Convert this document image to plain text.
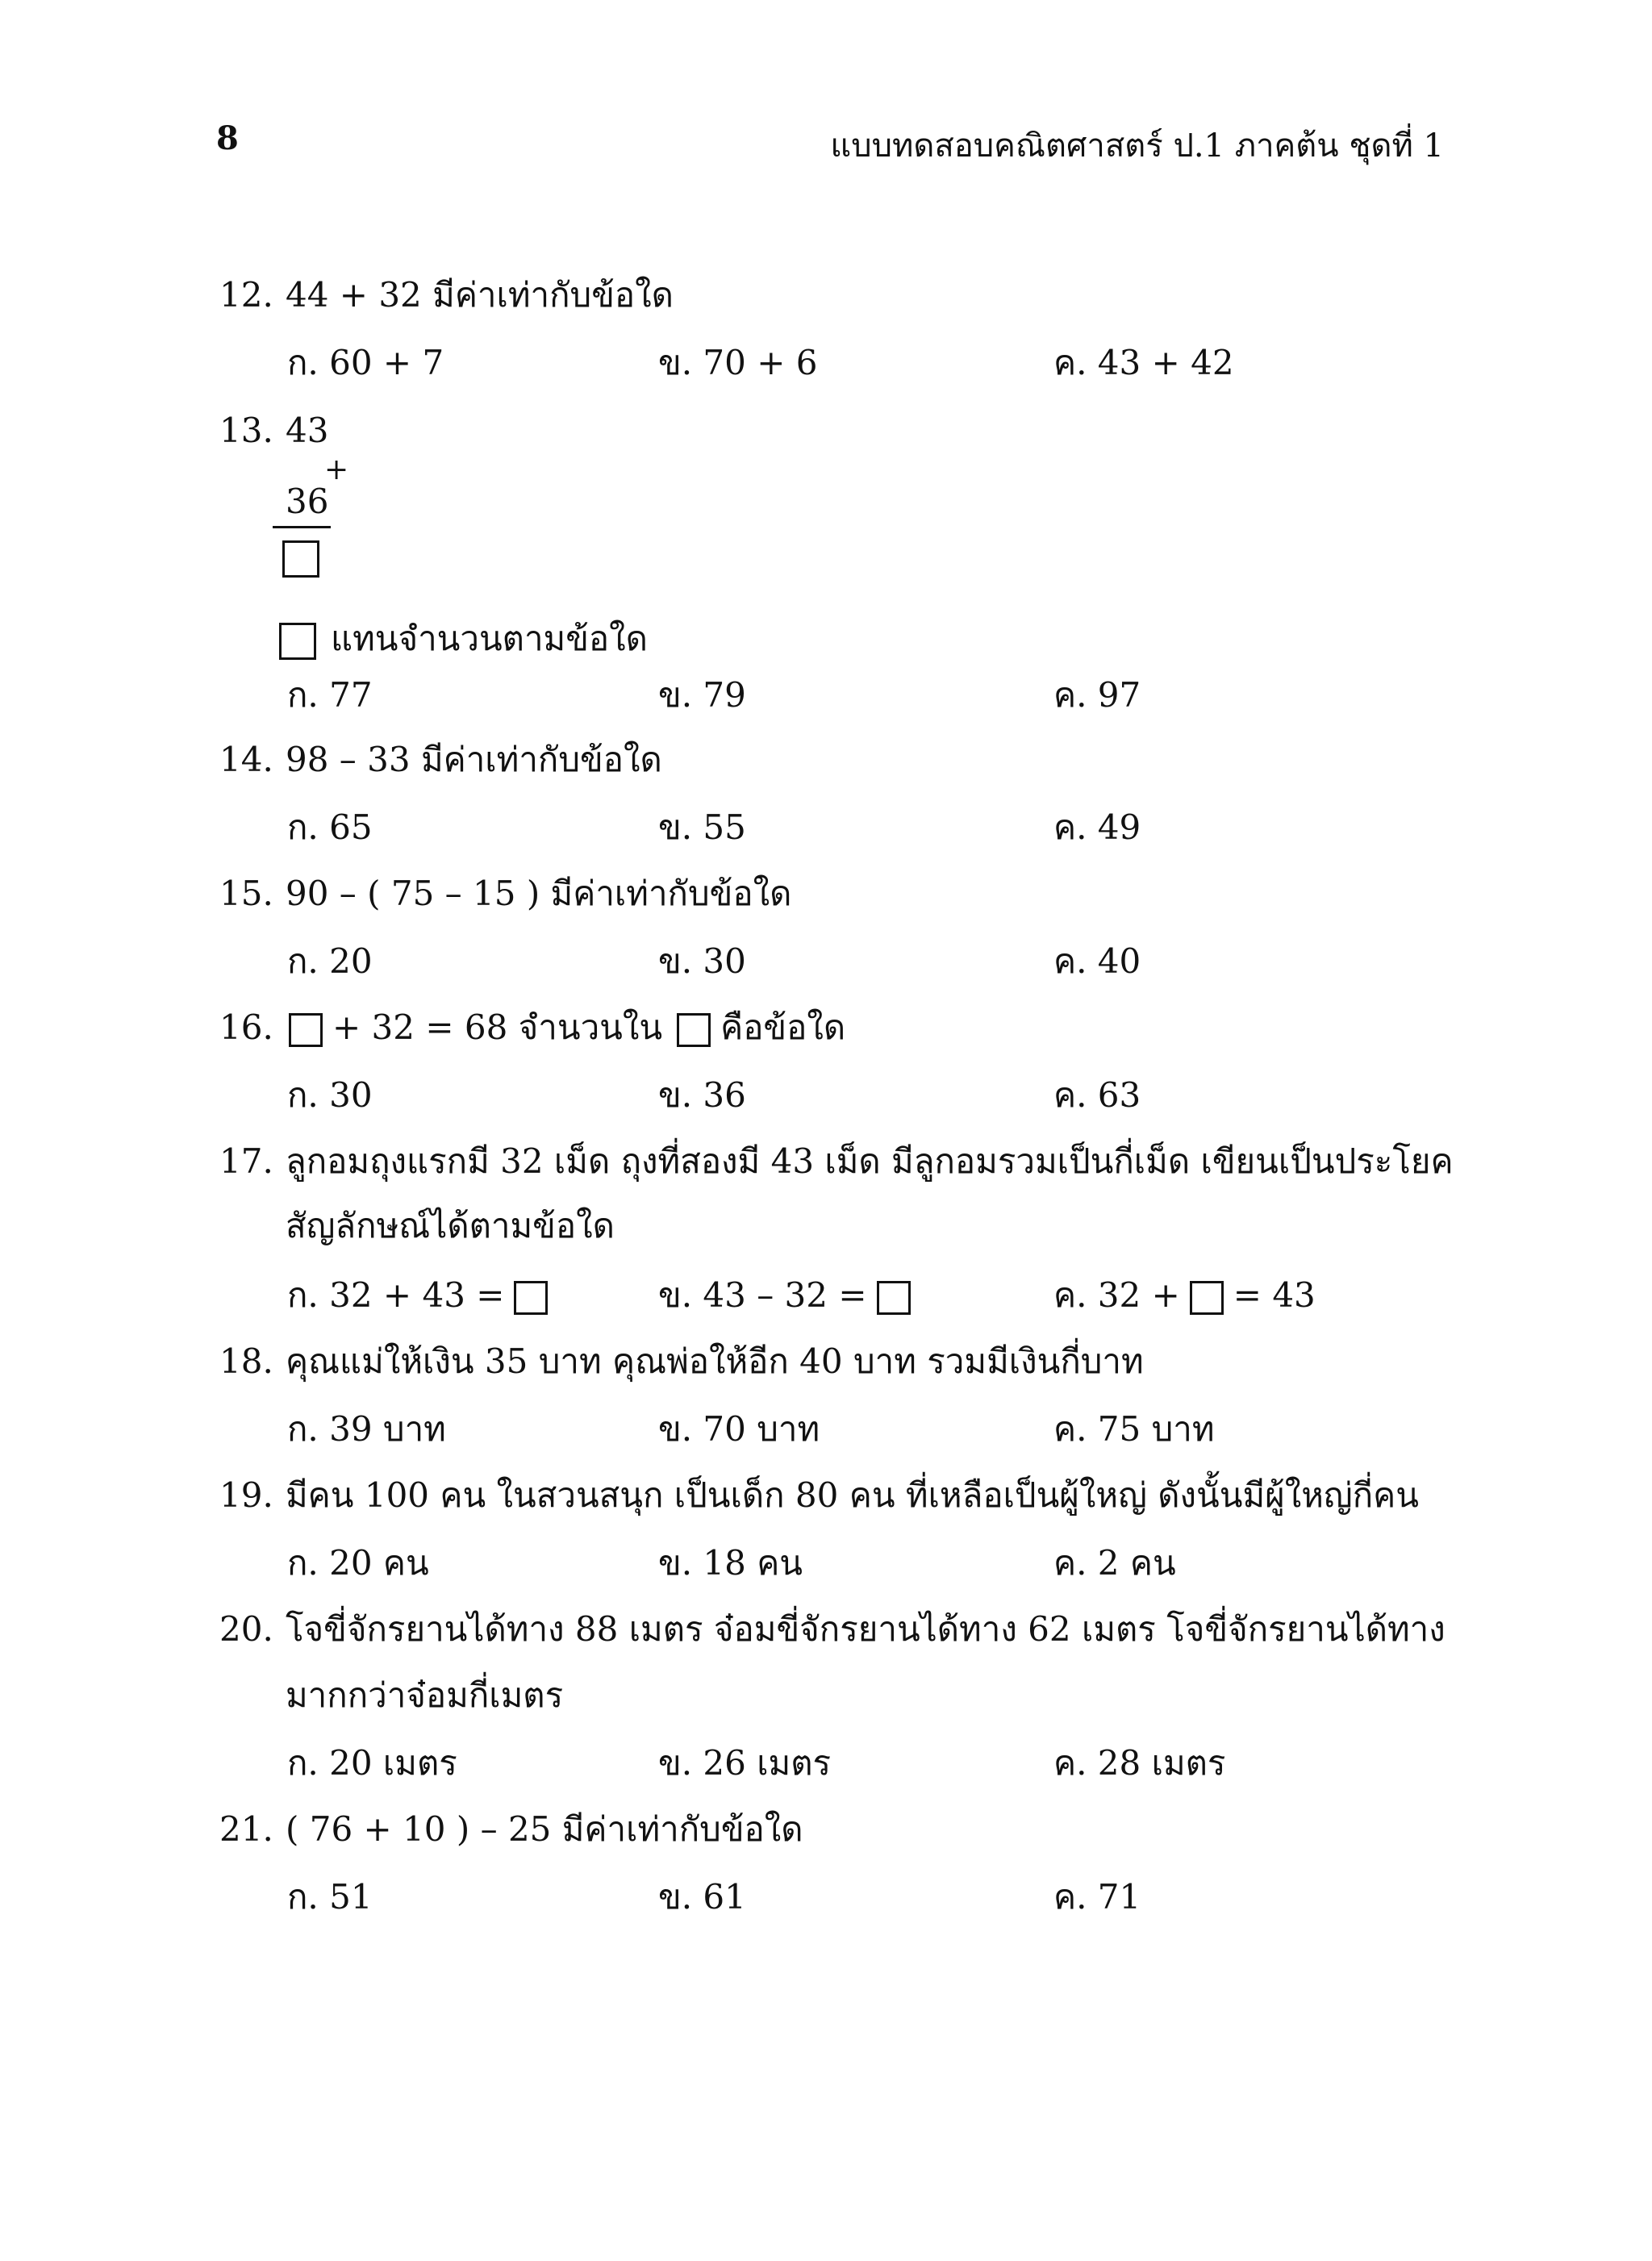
8	แบบทดสอบคณิตศาสตร์ ป.1 ภาคต้น ชุดที่ 1
12. 44 + 32 มีค่าเท่ากับข้อใด
ก. 60 + 7	ข. 70 + 6	ค. 43 + 42
13. 43
+
36
แทนจำนวนตามข้อใด
ก. 77	ข. 79	ค. 97
14. 98 – 33 มีค่าเท่ากับข้อใด
ก. 65	ข. 55	ค. 49
15. 90 – ( 75 – 15 ) มีค่าเท่ากับข้อใด
ก. 20	ข. 30	ค. 40
16. + 32 = 68 จำนวนใน คือข้อใด
ก. 30	ข. 36	ค. 63
17. ลูกอมถุงแรกมี 32 เม็ด ถุงที่สองมี 43 เม็ด มีลูกอมรวมเป็นกี่เม็ด เขียนเป็นประโยค
สัญลักษณ์ได้ตามข้อใด
ก. 32 + 43 =	ข. 43 – 32 =	ค. 32 + = 43
18. คุณแม่ให้เงิน 35 บาท คุณพ่อให้อีก 40 บาท รวมมีเงินกี่บาท
ก. 39 บาท	ข. 70 บาท	ค. 75 บาท
19. มีคน 100 คน ในสวนสนุก เป็นเด็ก 80 คน ที่เหลือเป็นผู้ใหญ่ ดังนั้นมีผู้ใหญ่กี่คน
ก. 20 คน	ข. 18 คน	ค. 2 คน
20. โจขี่จักรยานได้ทาง 88 เมตร จ๋อมขี่จักรยานได้ทาง 62 เมตร โจขี่จักรยานได้ทาง
มากกว่าจ๋อมกี่เมตร
ก. 20 เมตร	ข. 26 เมตร	ค. 28 เมตร
21. ( 76 + 10 ) – 25 มีค่าเท่ากับข้อใด
ก. 51	ข. 61	ค. 71
